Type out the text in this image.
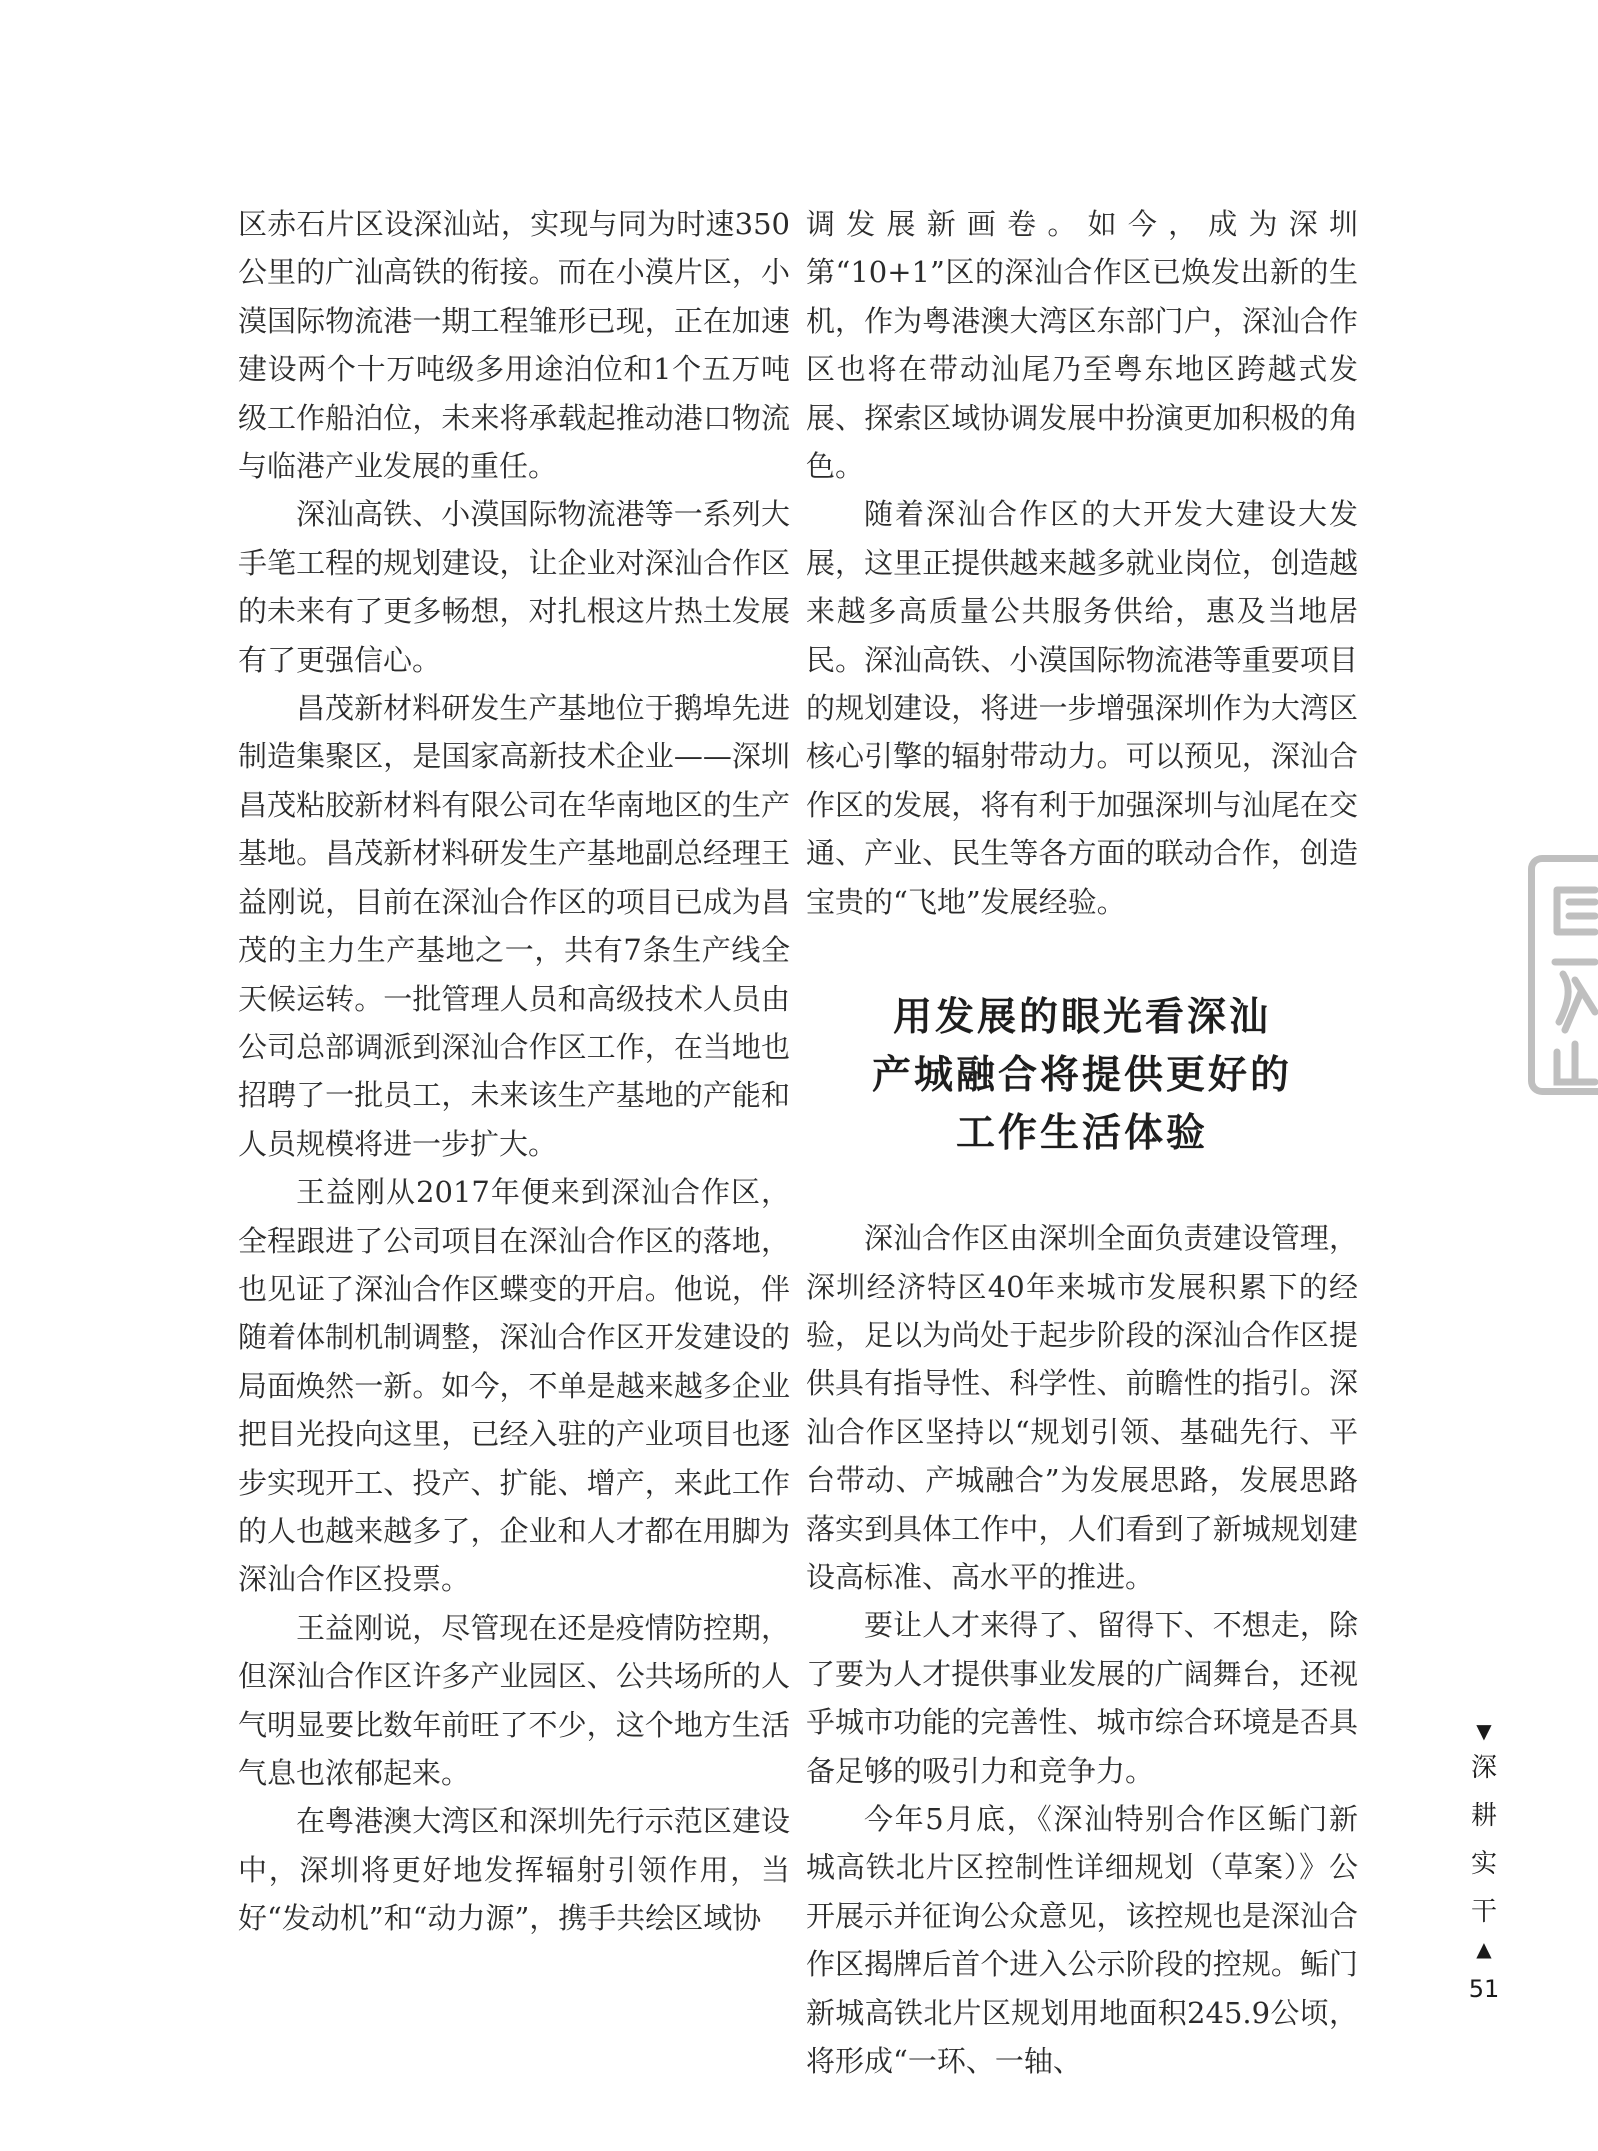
区赤石片区设深汕站，实现与同为时速350公里的广汕高铁的衔接。而在小漠片区，小漠国际物流港一期工程雏形已现，正在加速建设两个十万吨级多用途泊位和1个五万吨级工作船泊位，未来将承载起推动港口物流与临港产业发展的重任。

深汕高铁、小漠国际物流港等一系列大手笔工程的规划建设，让企业对深汕合作区的未来有了更多畅想，对扎根这片热土发展有了更强信心。

昌茂新材料研发生产基地位于鹅埠先进制造集聚区，是国家高新技术企业——深圳昌茂粘胶新材料有限公司在华南地区的生产基地。昌茂新材料研发生产基地副总经理王益刚说，目前在深汕合作区的项目已成为昌茂的主力生产基地之一，共有7条生产线全天候运转。一批管理人员和高级技术人员由公司总部调派到深汕合作区工作，在当地也招聘了一批员工，未来该生产基地的产能和人员规模将进一步扩大。

王益刚从2017年便来到深汕合作区，全程跟进了公司项目在深汕合作区的落地，也见证了深汕合作区蝶变的开启。他说，伴随着体制机制调整，深汕合作区开发建设的局面焕然一新。如今，不单是越来越多企业把目光投向这里，已经入驻的产业项目也逐步实现开工、投产、扩能、增产，来此工作的人也越来越多了，企业和人才都在用脚为深汕合作区投票。

王益刚说，尽管现在还是疫情防控期，但深汕合作区许多产业园区、公共场所的人气明显要比数年前旺了不少，这个地方生活气息也浓郁起来。

在粤港澳大湾区和深圳先行示范区建设中，深圳将更好地发挥辐射引领作用，当好“发动机”和“动力源”，携手共绘区域协

调发展新画卷。如今，成为深圳第“10+1”区的深汕合作区已焕发出新的生机，作为粤港澳大湾区东部门户，深汕合作区也将在带动汕尾乃至粤东地区跨越式发展、探索区域协调发展中扮演更加积极的角色。

随着深汕合作区的大开发大建设大发展，这里正提供越来越多就业岗位，创造越来越多高质量公共服务供给，惠及当地居民。深汕高铁、小漠国际物流港等重要项目的规划建设，将进一步增强深圳作为大湾区核心引擎的辐射带动力。可以预见，深汕合作区的发展，将有利于加强深圳与汕尾在交通、产业、民生等各方面的联动合作，创造宝贵的“飞地”发展经验。

用发展的眼光看深汕
产城融合将提供更好的
工作生活体验

深汕合作区由深圳全面负责建设管理，深圳经济特区40年来城市发展积累下的经验，足以为尚处于起步阶段的深汕合作区提供具有指导性、科学性、前瞻性的指引。深汕合作区坚持以“规划引领、基础先行、平台带动、产城融合”为发展思路，发展思路落实到具体工作中，人们看到了新城规划建设高标准、高水平的推进。

要让人才来得了、留得下、不想走，除了要为人才提供事业发展的广阔舞台，还视乎城市功能的完善性、城市综合环境是否具备足够的吸引力和竞争力。

今年5月底，《深汕特别合作区鲘门新城高铁北片区控制性详细规划（草案）》公开展示并征询公众意见，该控规也是深汕合作区揭牌后首个进入公示阶段的控规。鲘门新城高铁北片区规划用地面积245.9公顷，将形成“一环、一轴、

▼
深
耕
实
干
▲
51
